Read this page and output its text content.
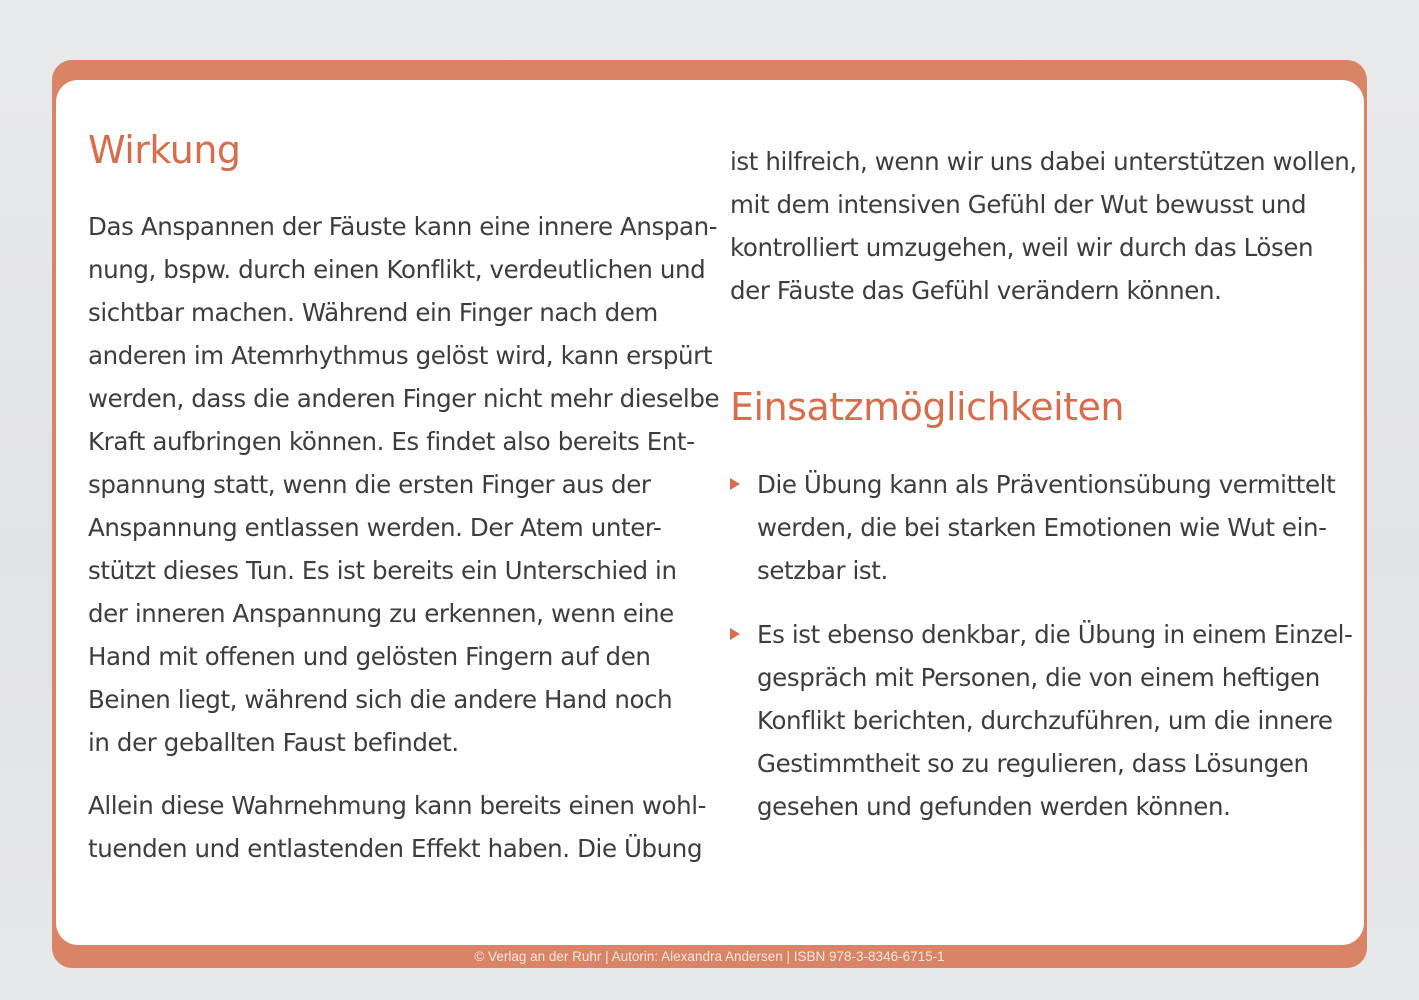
Wirkung

Das Anspannen der Fäuste kann eine innere Anspan-
nung, bspw. durch einen Konflikt, verdeutlichen und
sichtbar machen. Während ein Finger nach dem
anderen im Atemrhythmus gelöst wird, kann erspürt
werden, dass die anderen Finger nicht mehr dieselbe
Kraft aufbringen können. Es findet also bereits Ent-
spannung statt, wenn die ersten Finger aus der
Anspannung entlassen werden. Der Atem unter-
stützt dieses Tun. Es ist bereits ein Unterschied in
der inneren Anspannung zu erkennen, wenn eine
Hand mit offenen und gelösten Fingern auf den
Beinen liegt, während sich die andere Hand noch
in der geballten Faust befindet.

Allein diese Wahrnehmung kann bereits einen wohl-
tuenden und entlastenden Effekt haben. Die Übung

ist hilfreich, wenn wir uns dabei unterstützen wollen,
mit dem intensiven Gefühl der Wut bewusst und
kontrolliert umzugehen, weil wir durch das Lösen
der Fäuste das Gefühl verändern können.

Einsatzmöglichkeiten

Die Übung kann als Präventionsübung vermittelt
werden, die bei starken Emotionen wie Wut ein-
setzbar ist.

Es ist ebenso denkbar, die Übung in einem Einzel-
gespräch mit Personen, die von einem heftigen
Konflikt berichten, durchzuführen, um die innere
Gestimmtheit so zu regulieren, dass Lösungen
gesehen und gefunden werden können.

© Verlag an der Ruhr | Autorin: Alexandra Andersen | ISBN 978-3-8346-6715-1
